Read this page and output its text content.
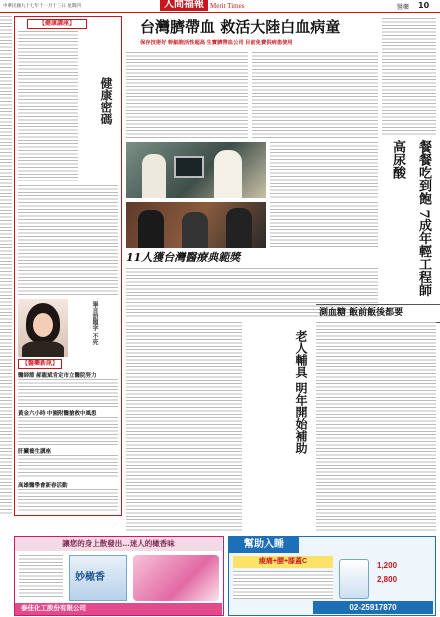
中華民國九十七年十一月十三日 星期四	人間福報 Merit Times	醫藥 10
【健康講座】
健康密碼
畢言語題字 不死
【醫藥新訊】
醫師節 郝龍斌肯定市立醫院努力
黃金六小時 中園附醫搶救中風患
肝臟養生講座
高雄醫學會新春活動
台灣臍帶血 救活大陸白血病童
保存技術好 幹細胞活性超高 生寶臍帶血公司 目前免費供病患使用
11人獲台灣醫療典範獎	餐餐吃到飽 7成年輕工程師高尿酸
測血糖 飯前飯後都要
老人輔具 明年開始補助
讓您的身上散發出…迷人的橄香味
妙橄香
泰佳化工股份有限公司
幫助入睡
痠痛+腰+膝蓋C	1,200
2,800
02-25917870
